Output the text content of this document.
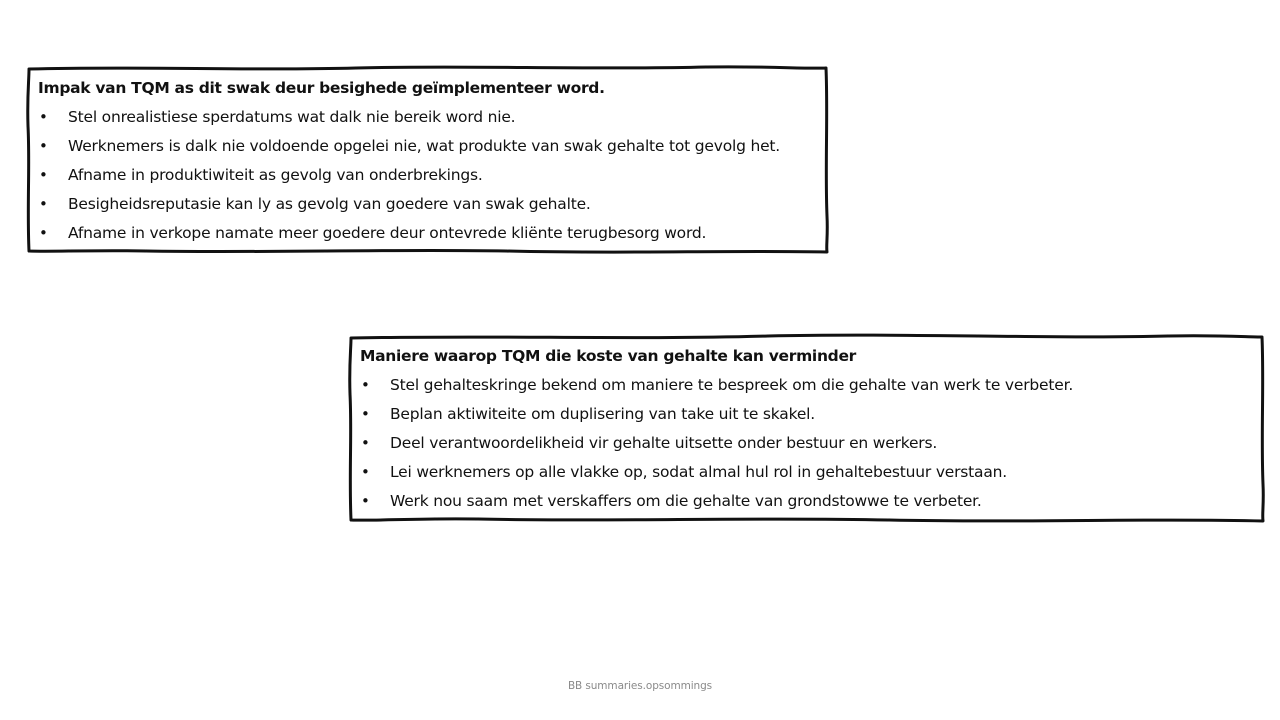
Impak van TQM as dit swak deur besighede geïmplementeer word.
• Stel onrealistiese sperdatums wat dalk nie bereik word nie.
• Werknemers is dalk nie voldoende opgelei nie, wat produkte van swak gehalte tot gevolg het.
• Afname in produktiwiteit as gevolg van onderbrekings.
• Besigheidsreputasie kan ly as gevolg van goedere van swak gehalte.
• Afname in verkope namate meer goedere deur ontevrede kliënte terugbesorg word.
Maniere waarop TQM die koste van gehalte kan verminder
• Stel gehalteskringe bekend om maniere te bespreek om die gehalte van werk te verbeter.
• Beplan aktiwiteite om duplisering van take uit te skakel.
• Deel verantwoordelikheid vir gehalte uitsette onder bestuur en werkers.
• Lei werknemers op alle vlakke op, sodat almal hul rol in gehaltebestuur verstaan.
• Werk nou saam met verskaffers om die gehalte van grondstowwe te verbeter.
BB summaries.opsommings
